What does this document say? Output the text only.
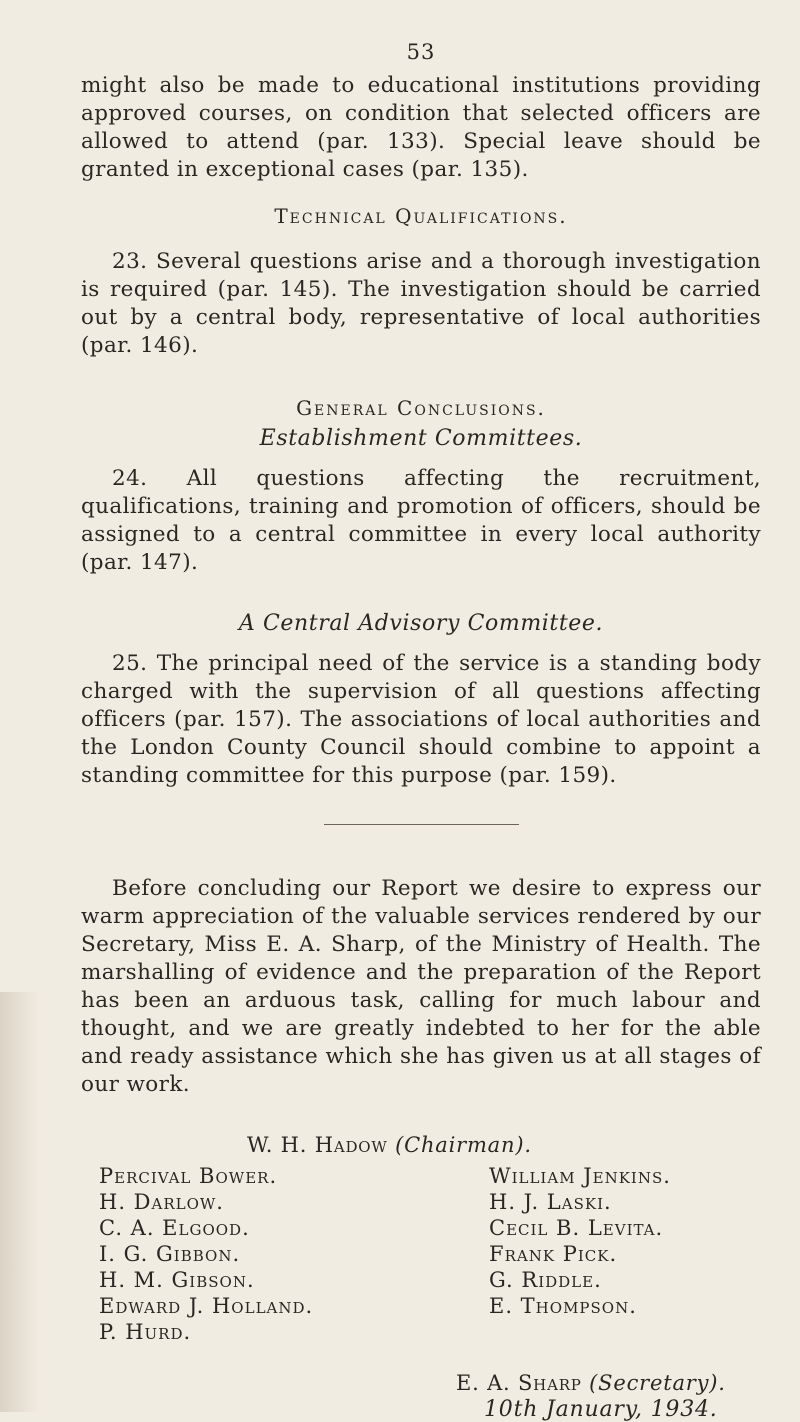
53

might also be made to educational institutions providing approved courses, on condition that selected officers are allowed to attend (par. 133). Special leave should be granted in exceptional cases (par. 135).

Technical Qualifications.

23. Several questions arise and a thorough investigation is required (par. 145). The investigation should be carried out by a central body, representative of local authorities (par. 146).

General Conclusions.
Establishment Committees.

24. All questions affecting the recruitment, qualifications, training and promotion of officers, should be assigned to a central committee in every local authority (par. 147).

A Central Advisory Committee.

25. The principal need of the service is a standing body charged with the supervision of all questions affecting officers (par. 157). The associations of local authorities and the London County Council should combine to appoint a standing committee for this purpose (par. 159).

Before concluding our Report we desire to express our warm appreciation of the valuable services rendered by our Secretary, Miss E. A. Sharp, of the Ministry of Health. The marshalling of evidence and the preparation of the Report has been an arduous task, calling for much labour and thought, and we are greatly indebted to her for the able and ready assistance which she has given us at all stages of our work.

W. H. Hadow (Chairman).
Percival Bower.	William Jenkins.
H. Darlow.	H. J. Laski.
C. A. Elgood.	Cecil B. Levita.
I. G. Gibbon.	Frank Pick.
H. M. Gibson.	G. Riddle.
Edward J. Holland.	E. Thompson.
P. Hurd.
E. A. Sharp (Secretary).
10th January, 1934.
